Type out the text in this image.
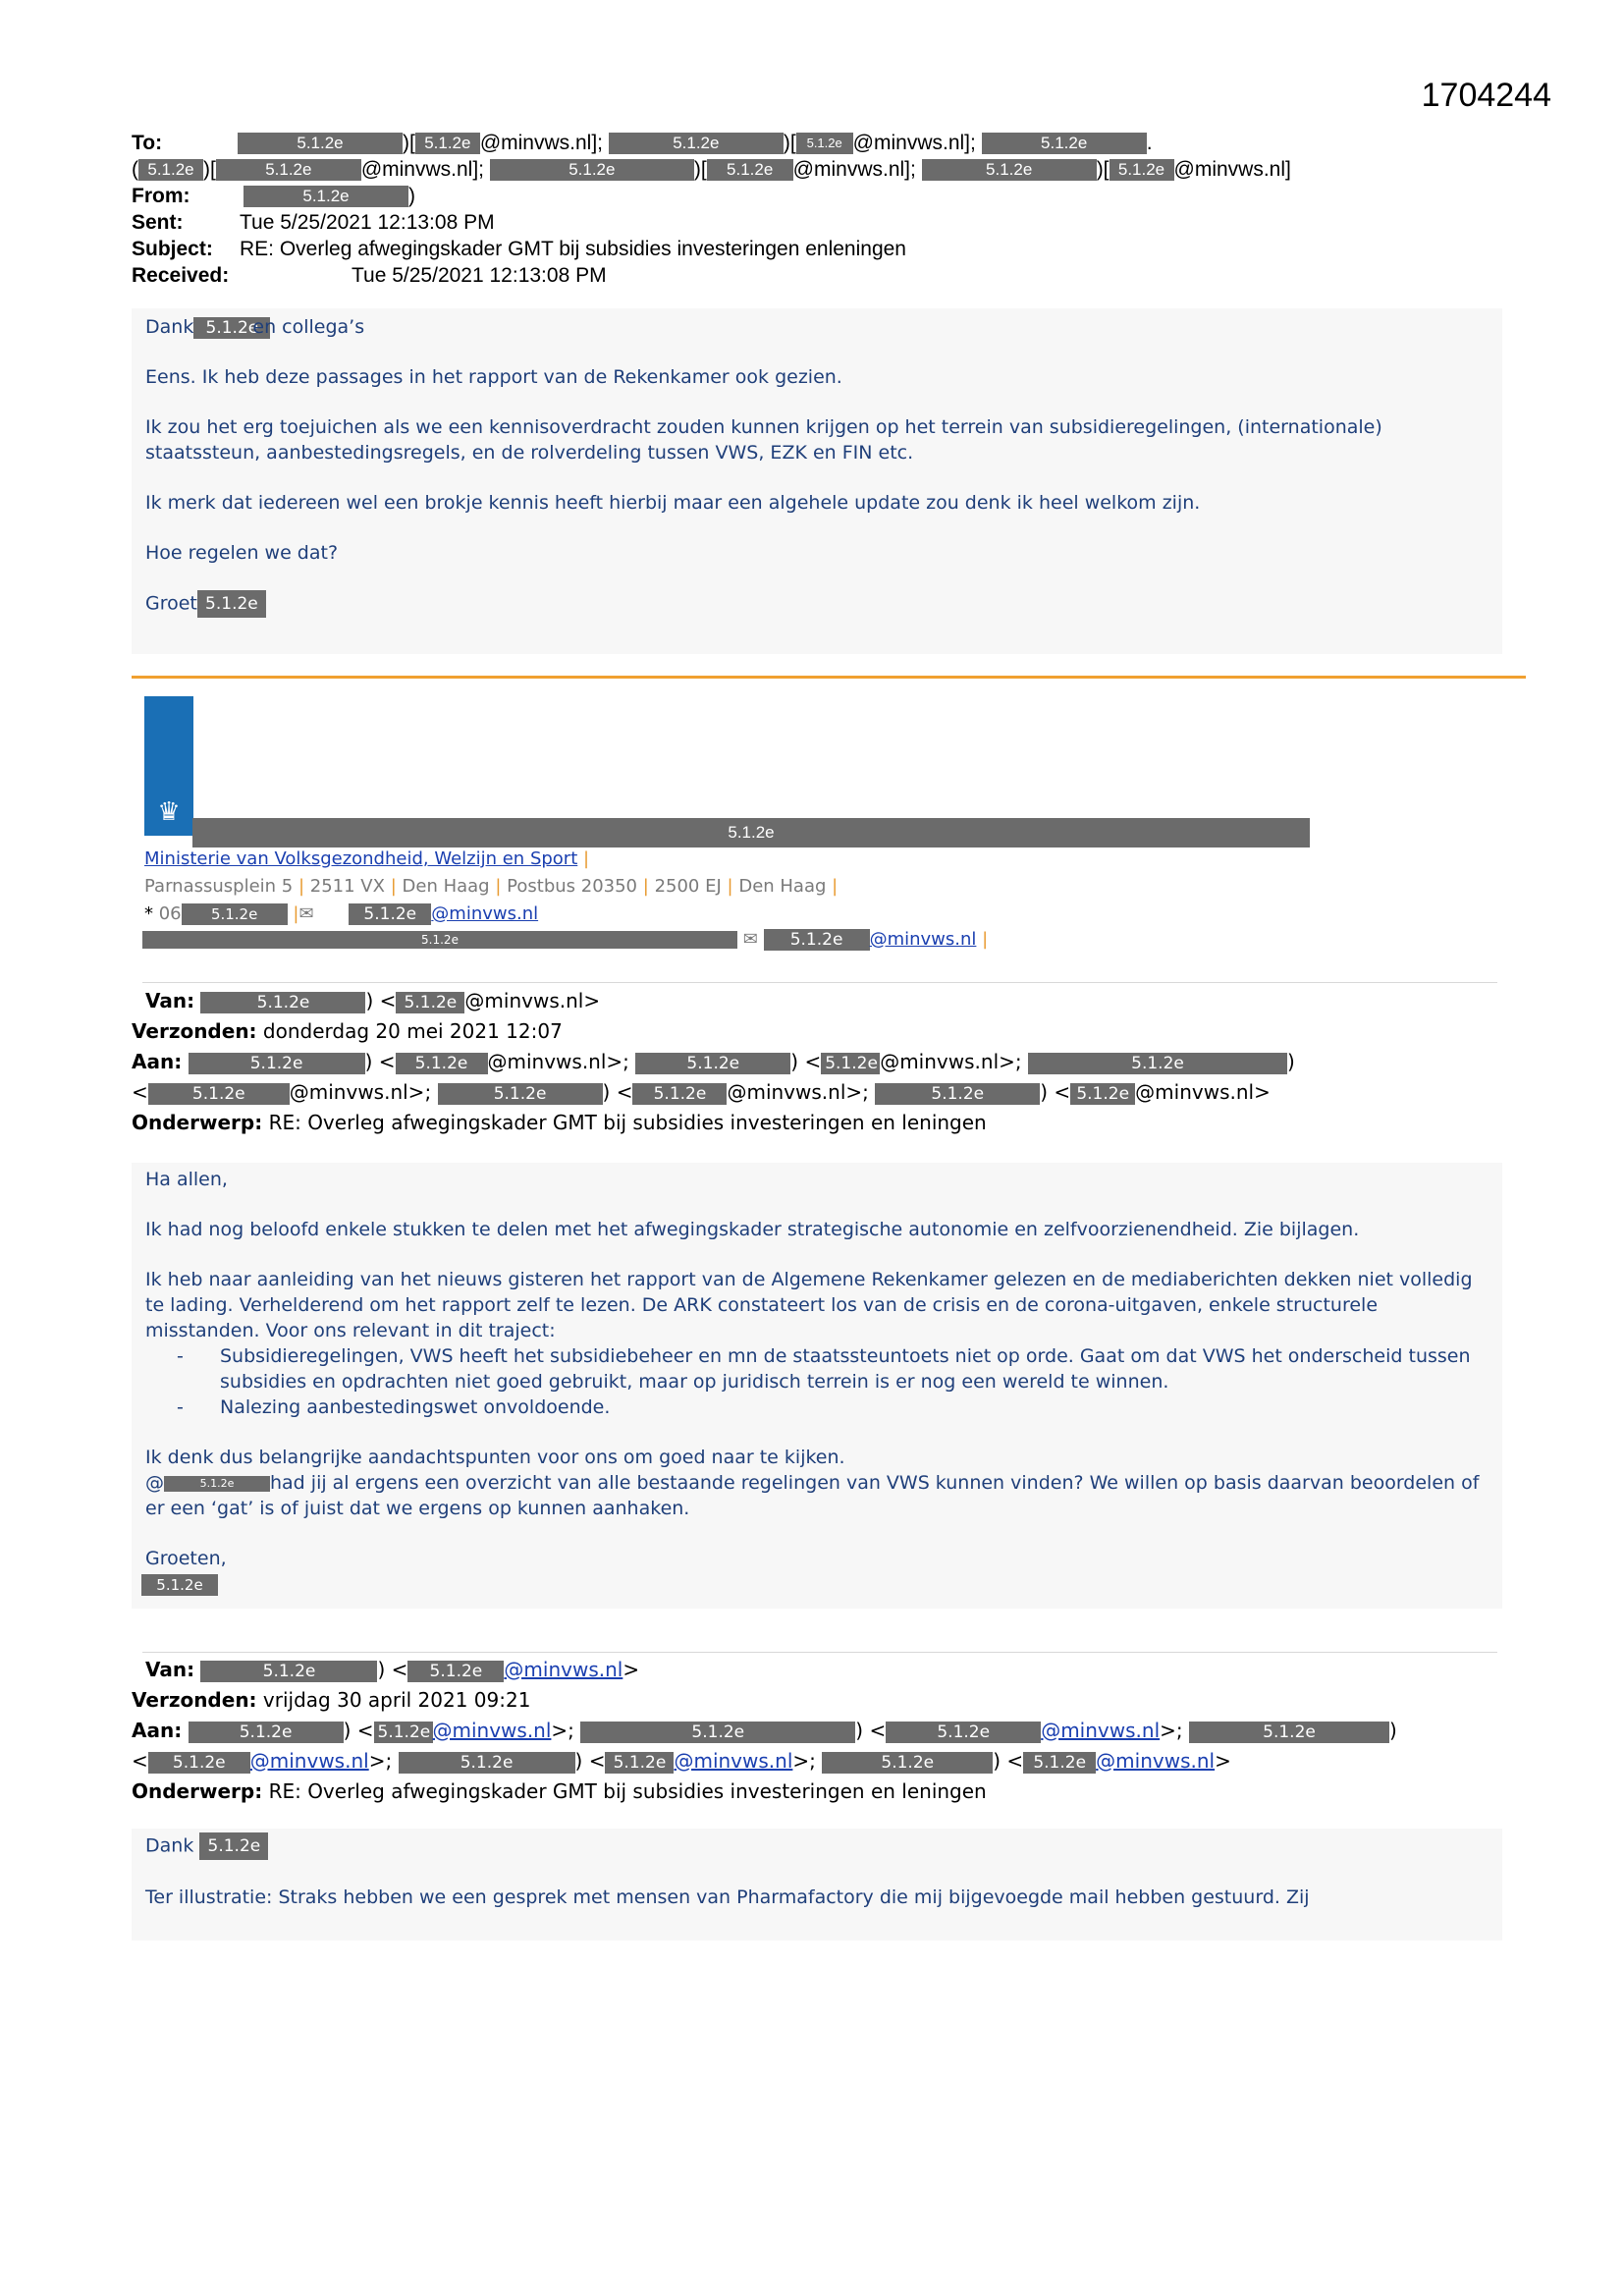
1704244
To:	5.1.2e	)[ 5.1.2e @minvws.nl];	5.1.2e	)[ 5.1.2e @minvws.nl];	5.1.2e	.
( 5.1.2e )[	5.1.2e @minvws.nl];	5.1.2e	)[ 5.1.2e @minvws.nl];	5.1.2e	)[ 5.1.2e @minvws.nl]
From:	5.1.2e	)
Sent:	Tue 5/25/2021 12:13:08 PM
Subject: RE: Overleg afwegingskader GMT bij subsidies investeringen enleningen
Received:	Tue 5/25/2021 12:13:08 PM

Dank 5.1.2een collega’s

Eens. Ik heb deze passages in het rapport van de Rekenkamer ook gezien.

Ik zou het erg toejuichen als we een kennisoverdracht zouden kunnen krijgen op het terrein van subsidieregelingen, (internationale) staatssteun, aanbestedingsregels, en de rolverdeling tussen VWS, EZK en FIN etc.

Ik merk dat iedereen wel een brokje kennis heeft hierbij maar een algehele update zou denk ik heel welkom zijn.

Hoe regelen we dat?

Groet 5.1.2e

♛
5.1.2e
Ministerie van Volksgezondheid, Welzijn en Sport |
Parnassusplein 5 | 2511 VX | Den Haag | Postbus 20350 | 2500 EJ | Den Haag |
* 06 5.1.2e |✉	5.1.2e @minvws.nl
5.1.2e	✉ 5.1.2e @minvws.nl |
Van:	5.1.2e	) < 5.1.2e @minvws.nl>
Verzonden: donderdag 20 mei 2021 12:07
Aan:	5.1.2e	) < 5.1.2e @minvws.nl>;	5.1.2e	) < 5.1.2e @minvws.nl>;	5.1.2e	)
<	5.1.2e @minvws.nl>;	5.1.2e	) < 5.1.2e @minvws.nl>;	5.1.2e	) < 5.1.2e @minvws.nl>
Onderwerp: RE: Overleg afwegingskader GMT bij subsidies investeringen en leningen

Ha allen,

Ik had nog beloofd enkele stukken te delen met het afwegingskader strategische autonomie en zelfvoorzienendheid. Zie bijlagen.

Ik heb naar aanleiding van het nieuws gisteren het rapport van de Algemene Rekenkamer gelezen en de mediaberichten dekken niet volledig te lading. Verhelderend om het rapport zelf te lezen. De ARK constateert los van de crisis en de corona-uitgaven, enkele structurele misstanden. Voor ons relevant in dit traject:

- Subsidieregelingen, VWS heeft het subsidiebeheer en mn de staatssteuntoets niet op orde. Gaat om dat VWS het onderscheid tussen subsidies en opdrachten niet goed gebruikt, maar op juridisch terrein is er nog een wereld te winnen.
- Nalezing aanbestedingswet onvoldoende.

Ik denk dus belangrijke aandachtspunten voor ons om goed naar te kijken.

@	5.1.2e had jij al ergens een overzicht van alle bestaande regelingen van VWS kunnen vinden? We willen op basis daarvan beoordelen of er een ‘gat’ is of juist dat we ergens op kunnen aanhaken.

Groeten,

5.1.2e
Van:	5.1.2e	) < 5.1.2e @minvws.nl>
Verzonden: vrijdag 30 april 2021 09:21
Aan:	5.1.2e	) < 5.1.2e @minvws.nl>;	5.1.2e	) <	5.1.2e	@minvws.nl>;	5.1.2e	)
< 5.1.2e @minvws.nl>;	5.1.2e	) < 5.1.2e @minvws.nl>;	5.1.2e	) < 5.1.2e @minvws.nl>
Onderwerp: RE: Overleg afwegingskader GMT bij subsidies investeringen en leningen

Dank 5.1.2e

Ter illustratie: Straks hebben we een gesprek met mensen van Pharmafactory die mij bijgevoegde mail hebben gestuurd. Zij
